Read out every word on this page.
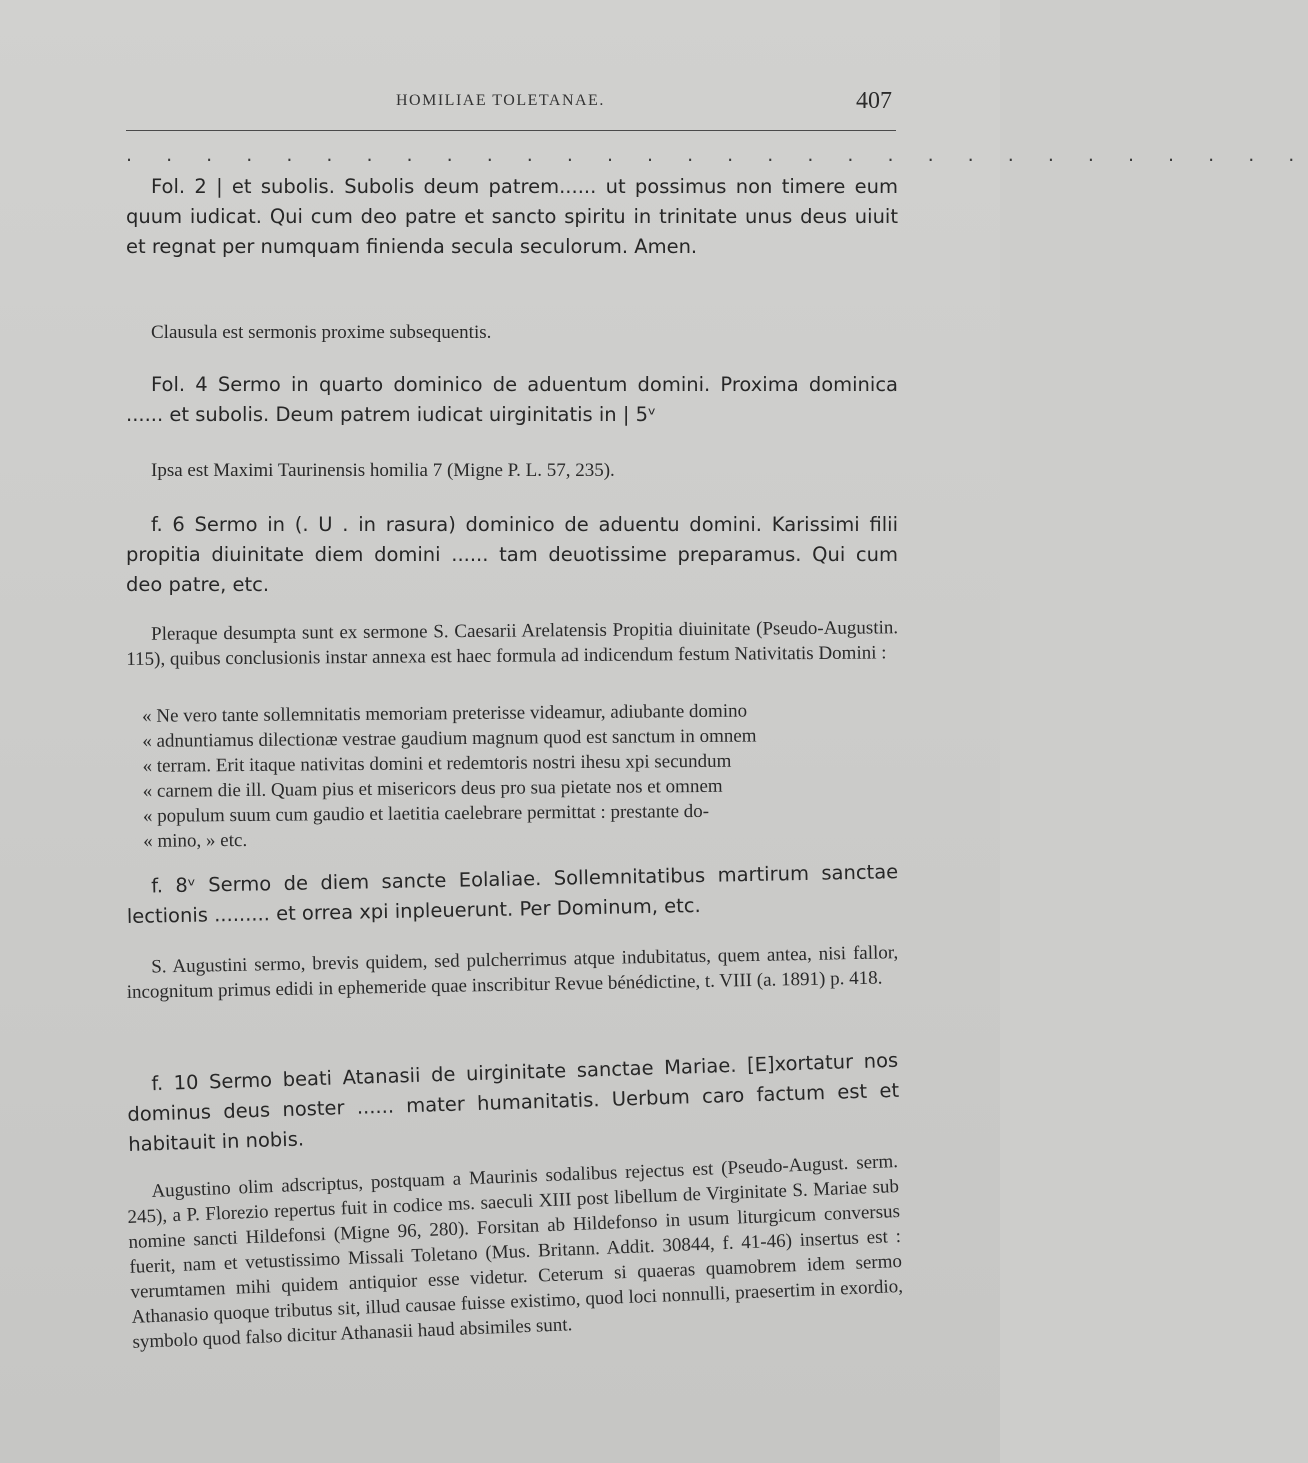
HOMILIAE TOLETANAE.	407
. . . . . . . . . . . . . . . . . . . . . . . . . . . . . .
Fol. 2 | et subolis. Subolis deum patrem...... ut possimus non timere eum quum iudicat. Qui cum deo patre et sancto spiritu in trinitate unus deus uiuit et regnat per numquam finienda secula seculorum. Amen.
Clausula est sermonis proxime subsequentis.
Fol. 4 Sermo in quarto dominico de aduentum domini. Proxima dominica ...... et subolis. Deum patrem iudicat uirginitatis in | 5ᵛ
Ipsa est Maximi Taurinensis homilia 7 (Migne P. L. 57, 235).
f. 6 Sermo in (. U . in rasura) dominico de aduentu domini. Karissimi filii propitia diuinitate diem domini ...... tam deuotissime preparamus. Qui cum deo patre, etc.
Pleraque desumpta sunt ex sermone S. Caesarii Arelatensis Propitia diuinitate (Pseudo-Augustin. 115), quibus conclusionis instar annexa est haec formula ad indicendum festum Nativitatis Domini :
« Ne vero tante sollemnitatis memoriam preterisse videamur, adiubante domino
« adnuntiamus dilectionæ vestrae gaudium magnum quod est sanctum in omnem
« terram. Erit itaque nativitas domini et redemtoris nostri ihesu xpi secundum
« carnem die ill. Quam pius et misericors deus pro sua pietate nos et omnem
« populum suum cum gaudio et laetitia caelebrare permittat : prestante do-
« mino, » etc.
f. 8ᵛ Sermo de diem sancte Eolaliae. Sollemnitatibus martirum sanctae lectionis ......... et orrea xpi inpleuerunt. Per Dominum, etc.
S. Augustini sermo, brevis quidem, sed pulcherrimus atque indubitatus, quem antea, nisi fallor, incognitum primus edidi in ephemeride quae inscribitur Revue bénédictine, t. VIII (a. 1891) p. 418.
f. 10 Sermo beati Atanasii de uirginitate sanctae Mariae. [E]xortatur nos dominus deus noster ...... mater humanitatis. Uerbum caro factum est et habitauit in nobis.
Augustino olim adscriptus, postquam a Maurinis sodalibus rejectus est (Pseudo-August. serm. 245), a P. Florezio repertus fuit in codice ms. saeculi XIII post libellum de Virginitate S. Mariae sub nomine sancti Hildefonsi (Migne 96, 280). Forsitan ab Hildefonso in usum liturgicum conversus fuerit, nam et vetustissimo Missali Toletano (Mus. Britann. Addit. 30844, f. 41-46) insertus est : verumtamen mihi quidem antiquior esse videtur. Ceterum si quaeras quamobrem idem sermo Athanasio quoque tributus sit, illud causae fuisse existimo, quod loci nonnulli, praesertim in exordio, symbolo quod falso dicitur Athanasii haud absimiles sunt.
